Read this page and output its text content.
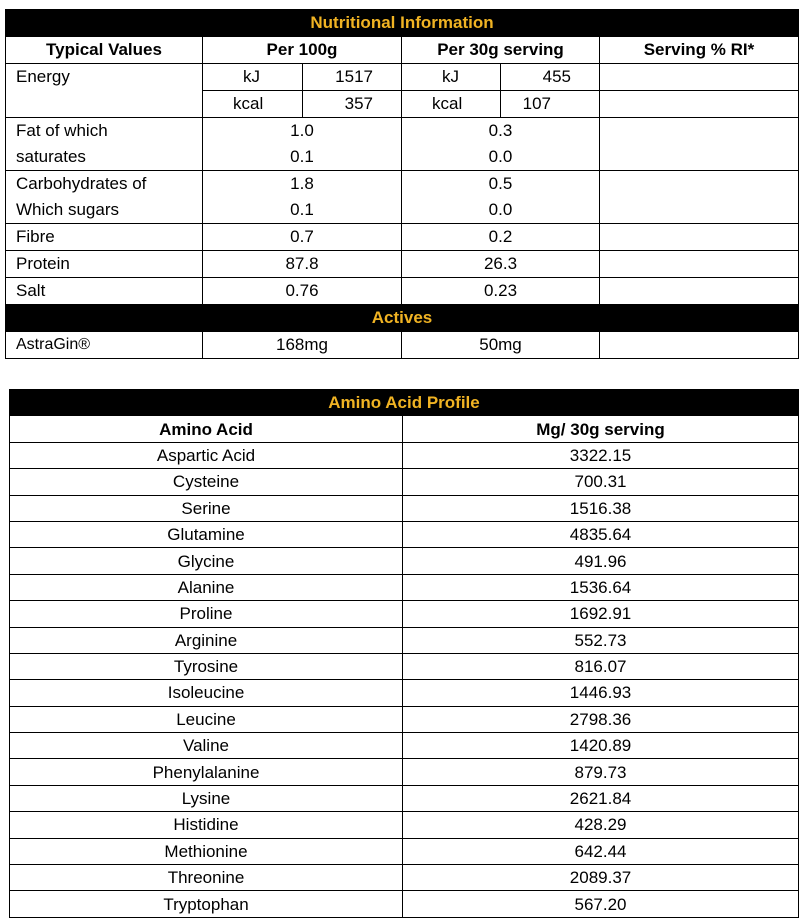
Nutritional Information					
Typical Values	Per 100g		Per 30g serving		Serving % RI*
Energy	kJ	1517	kJ	455	
	kcal	357	kcal	107	
Fat of which	1.0		0.3		
saturates	0.1		0.0		
Carbohydrates of	1.8		0.5		
Which sugars	0.1		0.0		
Fibre	0.7		0.2		
Protein	87.8		26.3		
Salt	0.76		0.23		
Actives					
AstraGin®	168mg		50mg		
Amino Acid Profile	
Amino Acid	Mg/ 30g serving
Aspartic Acid	3322.15
Cysteine	700.31
Serine	1516.38
Glutamine	4835.64
Glycine	491.96
Alanine	1536.64
Proline	1692.91
Arginine	552.73
Tyrosine	816.07
Isoleucine	1446.93
Leucine	2798.36
Valine	1420.89
Phenylalanine	879.73
Lysine	2621.84
Histidine	428.29
Methionine	642.44
Threonine	2089.37
Tryptophan	567.20
